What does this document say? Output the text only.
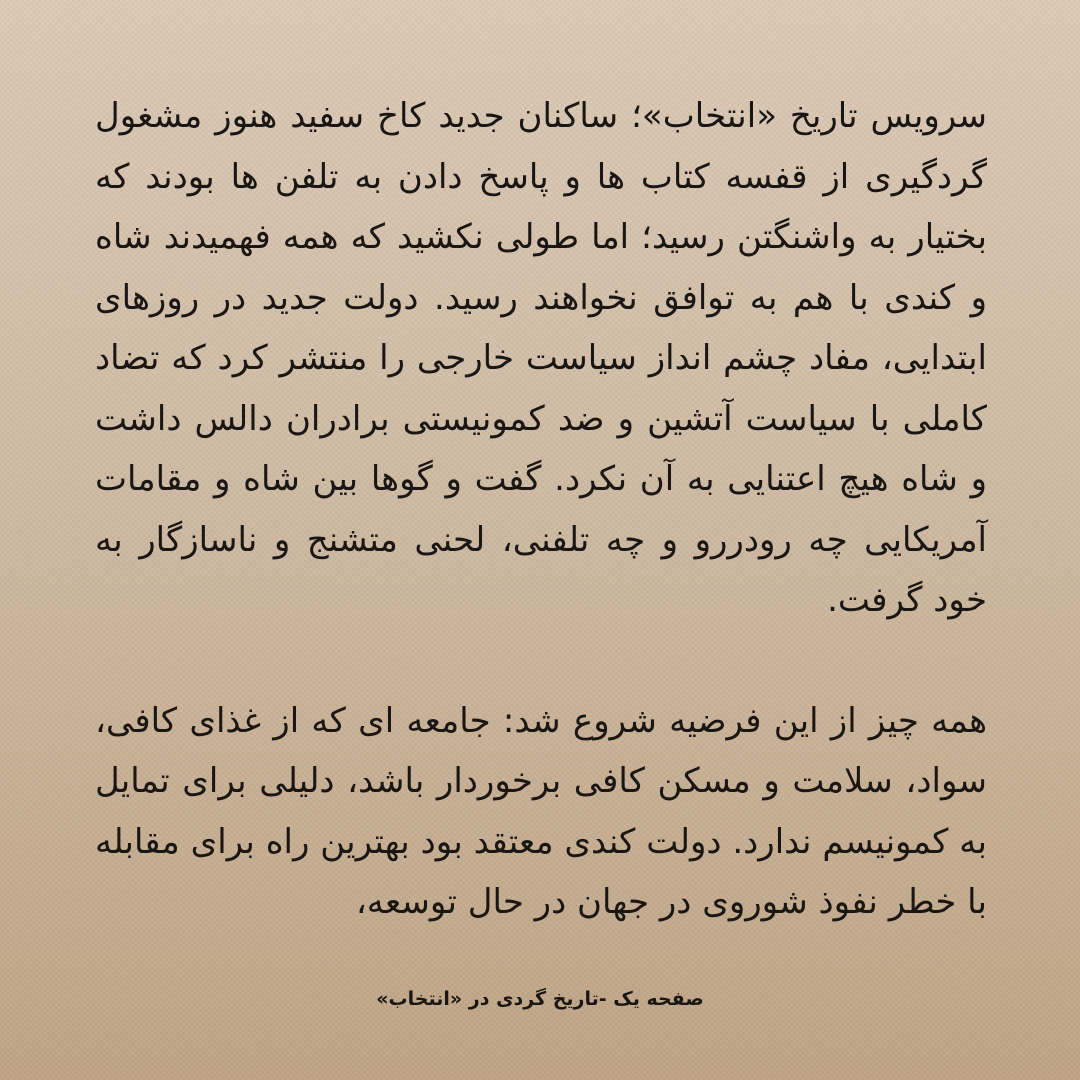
سرویس تاریخ «انتخاب»؛ ساکنان جدید کاخ سفید هنوز مشغول گردگیری از قفسه کتاب ها و پاسخ دادن به تلفن ها بودند که بختیار به واشنگتن رسید؛ اما طولی نکشید که همه فهمیدند شاه و کندی با هم به توافق نخواهند رسید. دولت جدید در روزهای ابتدایی، مفاد چشم انداز سیاست خارجی را منتشر کرد که تضاد کاملی با سیاست آتشین و ضد کمونیستی برادران دالس داشت و شاه هیچ اعتنایی به آن نکرد. گفت و گوها بین شاه و مقامات آمریکایی چه رودررو و چه تلفنی، لحنی متشنج و ناسازگار به خود گرفت.

همه چیز از این فرضیه شروع شد: جامعه ای که از غذای کافی، سواد، سلامت و مسکن کافی برخوردار باشد، دلیلی برای تمایل به کمونیسم ندارد. دولت کندی معتقد بود بهترین راه برای مقابله با خطر نفوذ شوروی در جهان در حال توسعه،

صفحه یک -تاریخ گردی در «انتخاب»
